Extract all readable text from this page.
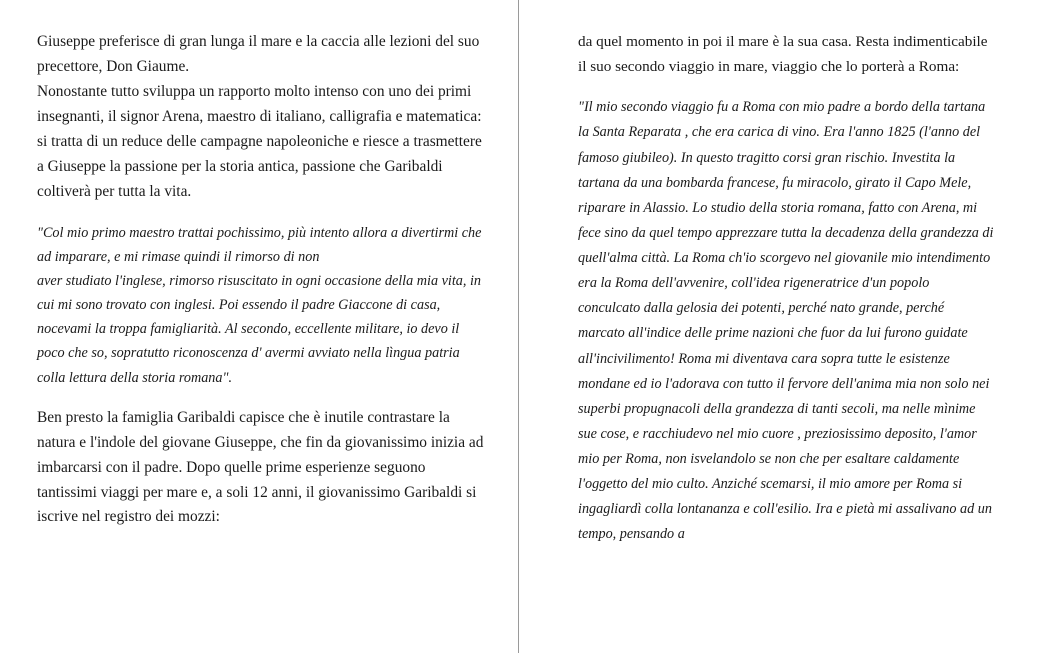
Giuseppe preferisce di gran lunga il mare e la caccia alle lezioni del suo precettore, Don Giaume.

Nonostante tutto sviluppa un rapporto molto intenso con uno dei primi insegnanti, il signor Arena, maestro di italiano, calligrafia e matematica: si tratta di un reduce delle campagne napoleoniche e riesce a trasmettere a Giuseppe la passione per la storia antica, passione che Garibaldi coltiverà per tutta la vita.

"Col mio primo maestro trattai pochissimo, più intento allora a divertirmi che ad imparare, e mi rimase quindi il rimorso di non

aver studiato l'inglese, rimorso risuscitato in ogni occasione della mia vita, in cui mi sono trovato con inglesi. Poi essendo il padre Giaccone di casa, nocevami la troppa famigliarità. Al secondo, eccellente militare, io devo il poco che so, sopratutto riconoscenza d' avermi avviato nella lìngua patria colla lettura della storia romana".

Ben presto la famiglia Garibaldi capisce che è inutile contrastare la natura e l'indole del giovane Giuseppe, che fin da giovanissimo inizia ad imbarcarsi con il padre. Dopo quelle prime esperienze seguono tantissimi viaggi per mare e, a soli 12 anni, il giovanissimo Garibaldi si iscrive nel registro dei mozzi:

da quel momento in poi il mare è la sua casa. Resta indimenticabile il suo secondo viaggio in mare, viaggio che lo porterà a Roma:

"Il mio secondo viaggio fu a Roma con mio padre a bordo della tartana la Santa Reparata , che era carica di vino. Era l'anno 1825 (l'anno del famoso giubileo). In questo tragitto corsi gran rischio. Investita la tartana da una bombarda francese, fu miracolo, girato il Capo Mele, riparare in Alassio. Lo studio della storia romana, fatto con Arena, mi fece sino da quel tempo apprezzare tutta la decadenza della grandezza di quell'alma città. La Roma ch'io scorgevo nel giovanile mio intendimento era la Roma dell'avvenire, coll'idea rigeneratrice d'un popolo conculcato dalla gelosia dei potenti, perché nato grande, perché marcato all'indice delle prime nazioni che fuor da lui furono guidate all'incivilimento! Roma mi diventava cara sopra tutte le esistenze mondane ed io l'adorava con tutto il fervore dell'anima mia non solo nei superbi propugnacoli della grandezza di tanti secoli, ma nelle mìnime sue cose, e racchiudevo nel mio cuore , preziosissimo deposito, l'amor mio per Roma, non isvelandolo se non che per esaltare caldamente l'oggetto del mio culto. Anziché scemarsi, il mio amore per Roma si ingagliardì colla lontananza e coll'esilio. Ira e pietà mi assalivano ad un tempo, pensando a
